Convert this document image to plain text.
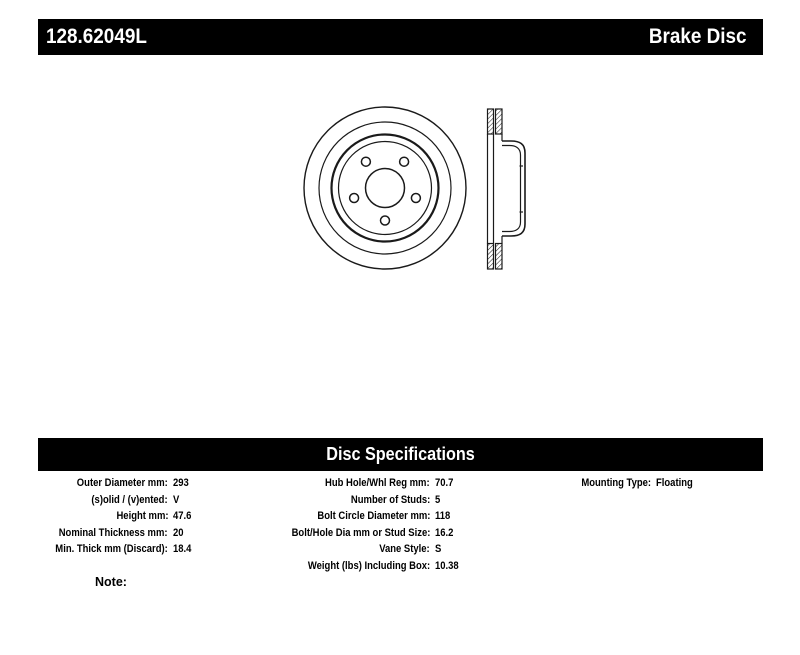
128.62049L	Brake Disc
Disc Specifications
Outer Diameter mm: 293
(s)olid / (v)ented: V
Height mm: 47.6
Nominal Thickness mm: 20
Min. Thick mm (Discard): 18.4
Hub Hole/Whl Reg mm: 70.7
Number of Studs: 5
Bolt Circle Diameter mm: 118
Bolt/Hole Dia mm or Stud Size: 16.2
Vane Style: S
Weight (lbs) Including Box: 10.38
Mounting Type: Floating
Note:
